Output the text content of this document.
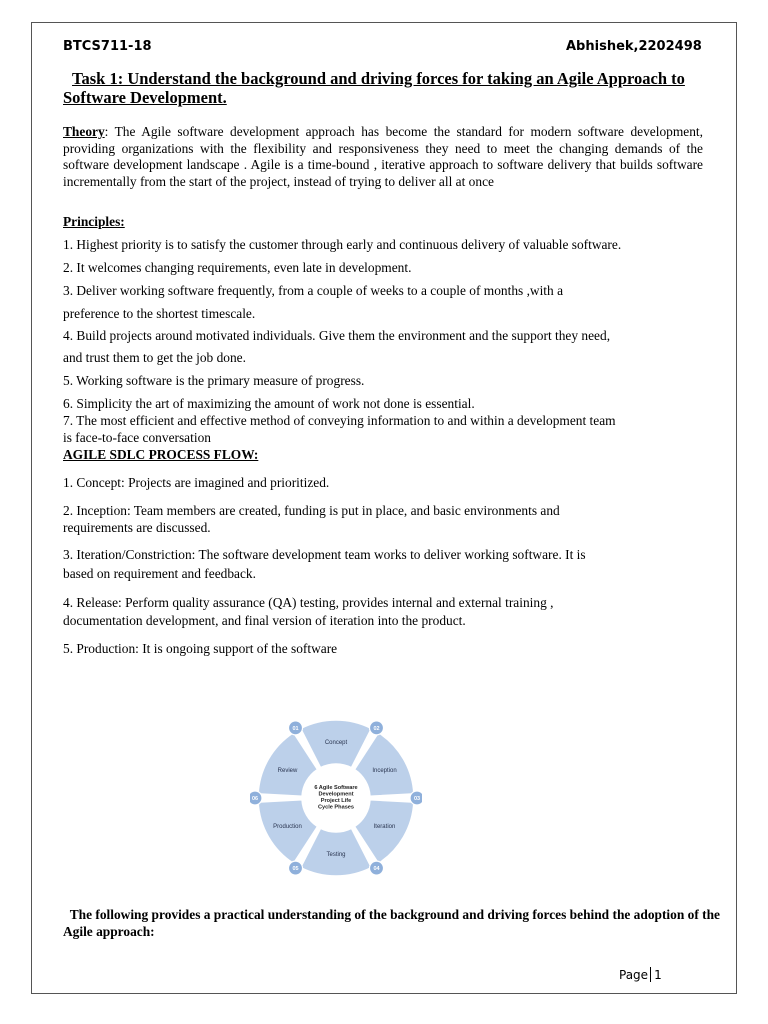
BTCS711-18	Abhishek,2202498
Task 1: Understand the background and driving forces for taking an Agile Approach to Software Development.
Theory: The Agile software development approach has become the standard for modern software development, providing organizations with the flexibility and responsiveness they need to meet the changing demands of the software development landscape . Agile is a time-bound , iterative approach to software delivery that builds software incrementally from the start of the project, instead of trying to deliver all at once
Principles:
1. Highest priority is to satisfy the customer through early and continuous delivery of valuable software.
2. It welcomes changing requirements, even late in development.
3. Deliver working software frequently, from a couple of weeks to a couple of months ,with a
preference to the shortest timescale.
4. Build projects around motivated individuals. Give them the environment and the support they need,
and trust them to get the job done.
5. Working software is the primary measure of progress.
6. Simplicity the art of maximizing the amount of work not done is essential.
7. The most efficient and effective method of conveying information to and within a development team
is face-to-face conversation
AGILE SDLC PROCESS FLOW:
1. Concept: Projects are imagined and prioritized.
2. Inception: Team members are created, funding is put in place, and basic environments and
requirements are discussed.
3. Iteration/Constriction: The software development team works to deliver working software. It is
based on requirement and feedback.
4. Release: Perform quality assurance (QA) testing, provides internal and external training ,
documentation development, and final version of iteration into the product.
5. Production: It is ongoing support of the software
6 Agile Software
Development
Project Life
Cycle Phases
Concept
Inception
Iteration
Testing
Production
Review
01	02
03
04
05
06
The following provides a practical understanding of the background and driving forces behind the adoption of the Agile approach:
Page 1
